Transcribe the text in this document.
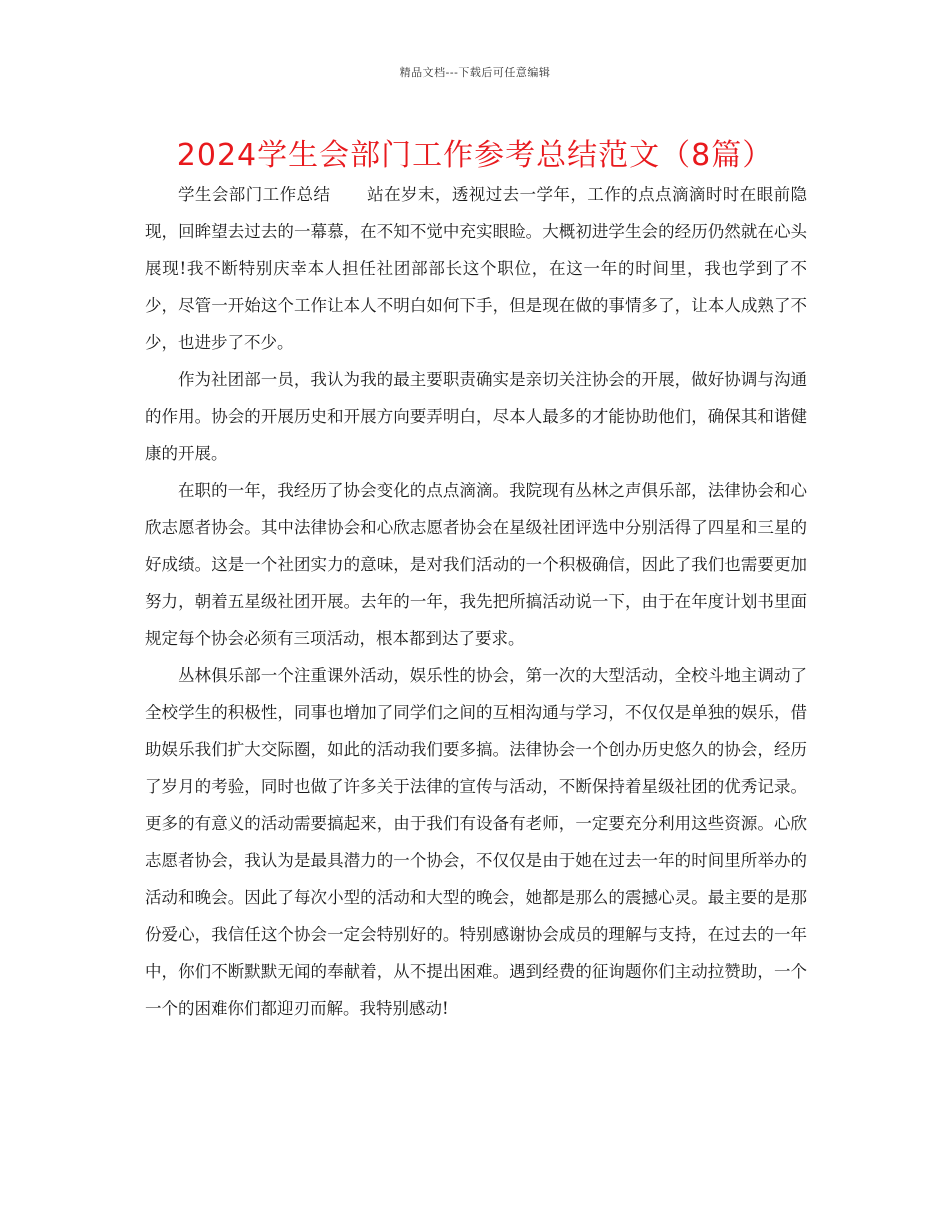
精品文档---下载后可任意编辑
2024学生会部门工作参考总结范文（8篇）

学生会部门工作总结 站在岁末，透视过去一学年，工作的点点滴滴时时在眼前隐现，回眸望去过去的一幕慕，在不知不觉中充实眼睑。大概初进学生会的经历仍然就在心头展现!我不断特别庆幸本人担任社团部部长这个职位，在这一年的时间里，我也学到了不少，尽管一开始这个工作让本人不明白如何下手，但是现在做的事情多了，让本人成熟了不少，也进步了不少。

作为社团部一员，我认为我的最主要职责确实是亲切关注协会的开展，做好协调与沟通的作用。协会的开展历史和开展方向要弄明白，尽本人最多的才能协助他们，确保其和谐健康的开展。

在职的一年，我经历了协会变化的点点滴滴。我院现有丛林之声俱乐部，法律协会和心欣志愿者协会。其中法律协会和心欣志愿者协会在星级社团评选中分别活得了四星和三星的好成绩。这是一个社团实力的意味，是对我们活动的一个积极确信，因此了我们也需要更加努力，朝着五星级社团开展。去年的一年，我先把所搞活动说一下，由于在年度计划书里面规定每个协会必须有三项活动，根本都到达了要求。

丛林俱乐部一个注重课外活动，娱乐性的协会，第一次的大型活动，全校斗地主调动了全校学生的积极性，同事也增加了同学们之间的互相沟通与学习，不仅仅是单独的娱乐，借助娱乐我们扩大交际圈，如此的活动我们要多搞。法律协会一个创办历史悠久的协会，经历了岁月的考验，同时也做了许多关于法律的宣传与活动，不断保持着星级社团的优秀记录。更多的有意义的活动需要搞起来，由于我们有设备有老师，一定要充分利用这些资源。心欣志愿者协会，我认为是最具潜力的一个协会，不仅仅是由于她在过去一年的时间里所举办的活动和晚会。因此了每次小型的活动和大型的晚会，她都是那么的震撼心灵。最主要的是那份爱心，我信任这个协会一定会特别好的。特别感谢协会成员的理解与支持，在过去的一年中，你们不断默默无闻的奉献着，从不提出困难。遇到经费的征询题你们主动拉赞助，一个一个的困难你们都迎刃而解。我特别感动!
